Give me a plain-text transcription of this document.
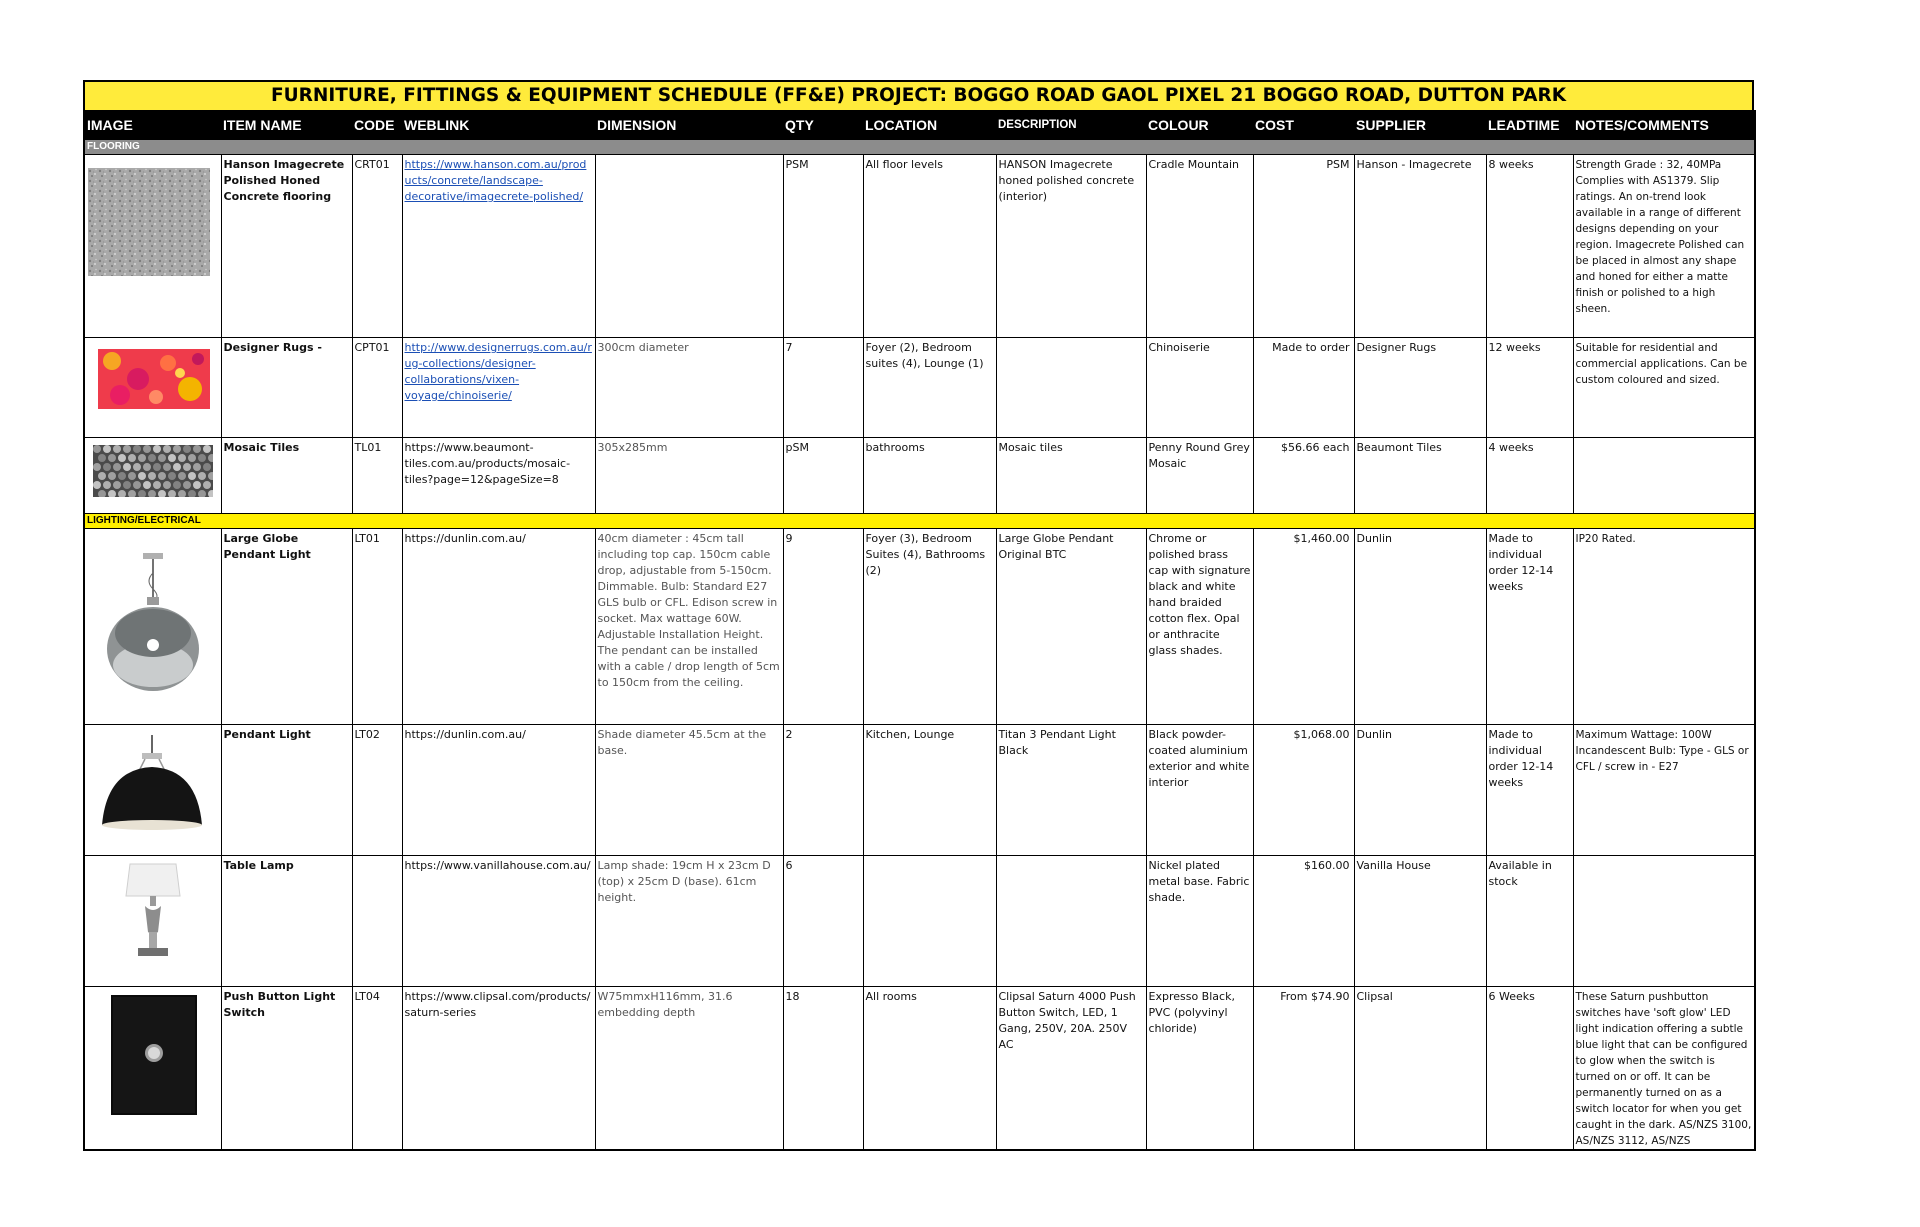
FURNITURE, FITTINGS & EQUIPMENT SCHEDULE (FF&E) PROJECT: BOGGO ROAD GAOL PIXEL 21 BOGGO ROAD, DUTTON PARK
IMAGE	ITEM NAME	CODE	WEBLINK	DIMENSION	QTY	LOCATION	DESCRIPTION	COLOUR	COST	SUPPLIER	LEADTIME	NOTES/COMMENTS
FLOORING												

	Hanson Imagecrete Polished Honed Concrete flooring	CRT01	https://www.hanson.com.au/products/concrete/landscape-decorative/imagecrete-polished/		PSM	All floor levels	HANSON Imagecrete honed polished concrete (interior)	Cradle Mountain	PSM	Hanson - Imagecrete	8 weeks	Strength Grade : 32, 40MPa Complies with AS1379. Slip ratings. An on-trend look available in a range of different designs depending on your region. Imagecrete Polished can be placed in almost any shape and honed for either a matte finish or polished to a high sheen.

	Designer Rugs -	CPT01	http://www.designerrugs.com.au/rug-collections/designer-collaborations/vixen-voyage/chinoiserie/	300cm diameter	7	Foyer (2), Bedroom suites (4), Lounge (1)		Chinoiserie	Made to order	Designer Rugs	12 weeks	Suitable for residential and commercial applications. Can be custom coloured and sized.

	Mosaic Tiles	TL01	https://www.beaumont-tiles.com.au/products/mosaic-tiles?page=12&pageSize=8	305x285mm	pSM	bathrooms	Mosaic tiles	Penny Round Grey Mosaic	$56.66 each	Beaumont Tiles	4 weeks	
LIGHTING/ELECTRICAL												

	Large Globe Pendant Light	LT01	https://dunlin.com.au/	40cm diameter : 45cm tall including top cap. 150cm cable drop, adjustable from 5-150cm. Dimmable. Bulb: Standard E27 GLS bulb or CFL. Edison screw in socket. Max wattage 60W. Adjustable Installation Height. The pendant can be installed with a cable / drop length of 5cm to 150cm from the ceiling.	9	Foyer (3), Bedroom Suites (4), Bathrooms (2)	Large Globe Pendant Original BTC	Chrome or polished brass cap with signature black and white hand braided cotton flex. Opal or anthracite glass shades.	$1,460.00	Dunlin	Made to individual order 12-14 weeks	IP20 Rated.

	Pendant Light	LT02	https://dunlin.com.au/	Shade diameter 45.5cm at the base.	2	Kitchen, Lounge	Titan 3 Pendant Light Black	Black powder-coated aluminium exterior and white interior	$1,068.00	Dunlin	Made to individual order 12-14 weeks	Maximum Wattage: 100W Incandescent Bulb: Type - GLS or CFL / screw in - E27

	Table Lamp		https://www.vanillahouse.com.au/	Lamp shade: 19cm H x 23cm D (top) x 25cm D (base). 61cm height.	6			Nickel plated metal base. Fabric shade.	$160.00	Vanilla House	Available in stock	

	Push Button Light Switch	LT04	https://www.clipsal.com/products/saturn-series	W75mmxH116mm, 31.6 embedding depth	18	All rooms	Clipsal Saturn 4000 Push Button Switch, LED, 1 Gang, 250V, 20A. 250V AC	Expresso Black, PVC (polyvinyl chloride)	From $74.90	Clipsal	6 Weeks	These Saturn pushbutton switches have 'soft glow' LED light indication offering a subtle blue light that can be configured to glow when the switch is turned on or off. It can be permanently turned on as a switch locator for when you get caught in the dark. AS/NZS 3100, AS/NZS 3112, AS/NZS
